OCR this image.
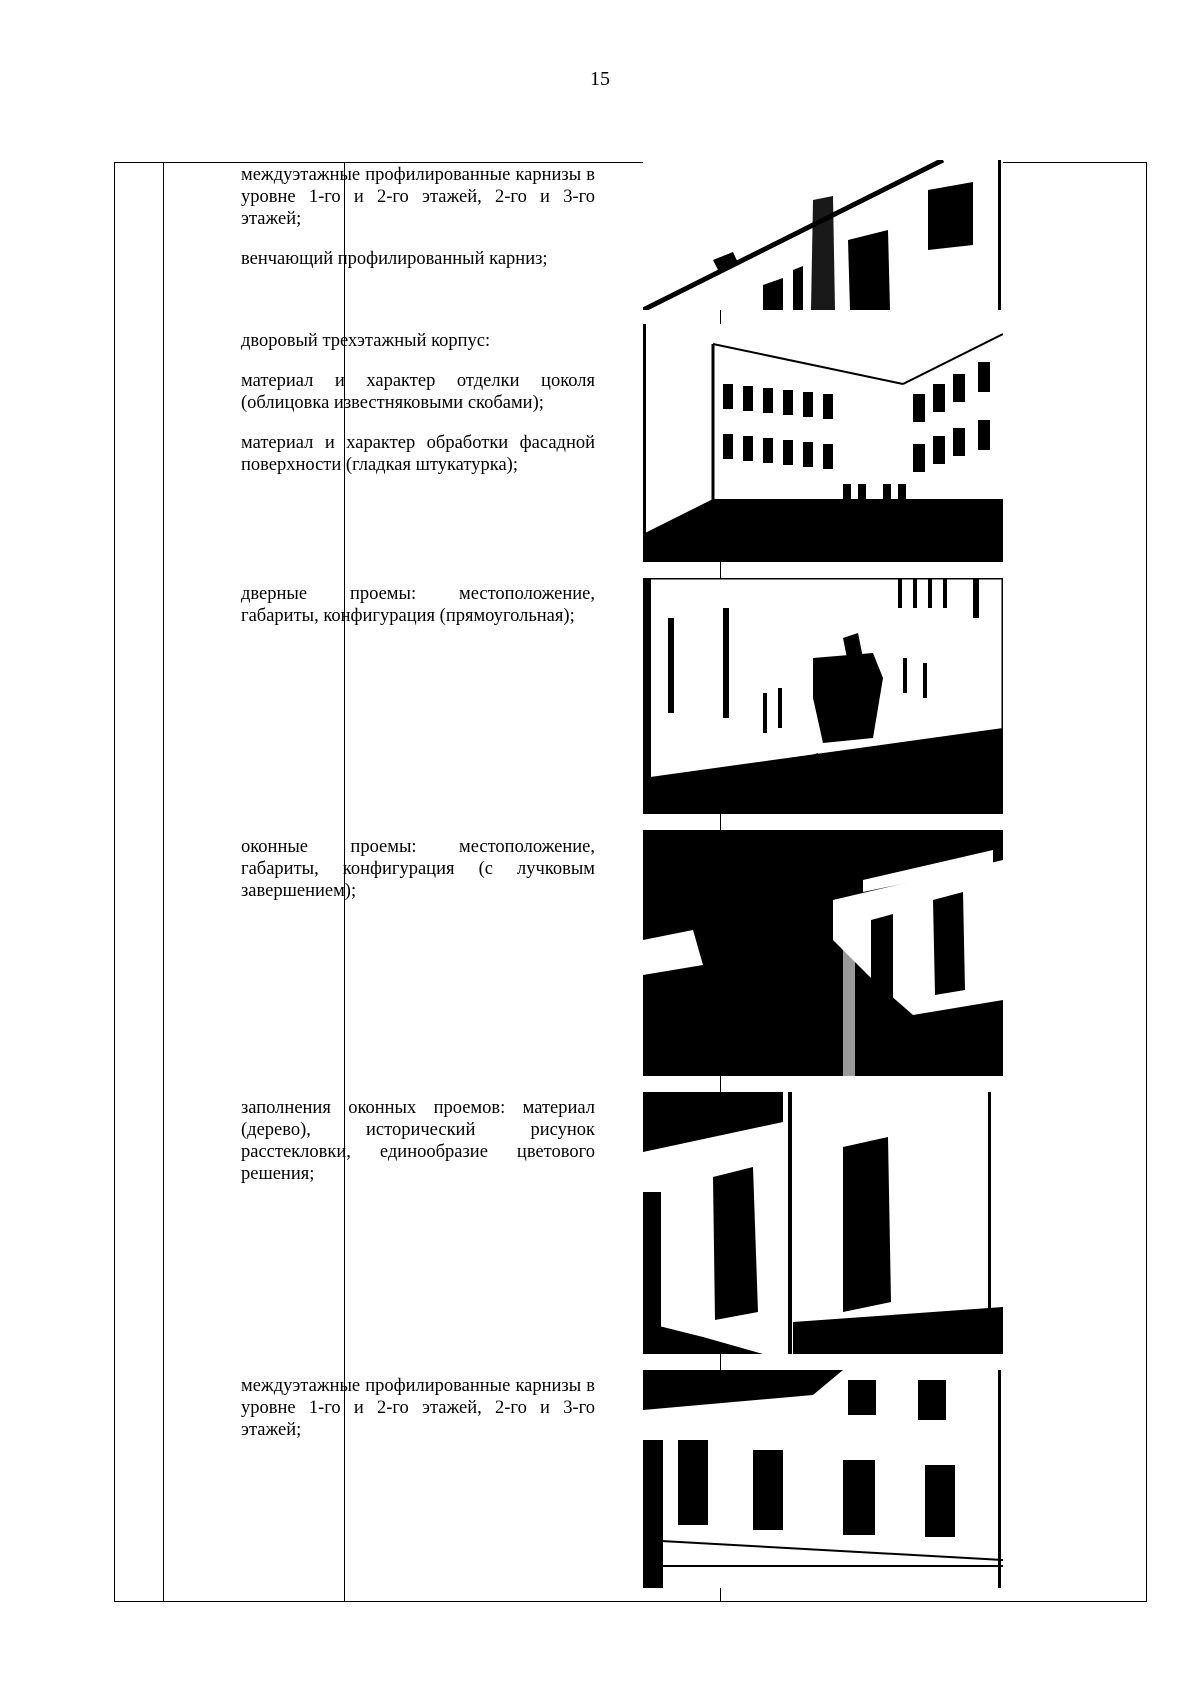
15

междуэтажные профилированные карнизы в уровне 1-го и 2-го этажей, 2-го и 3-го этажей;

венчающий профилированный карниз;

дворовый трехэтажный корпус:

материал и характер отделки цоколя (облицовка известняковыми скобами);

материал и характер обработки фасадной поверхности (гладкая штукатурка);

дверные проемы: местоположение, габариты, конфигурация (прямоугольная);

оконные проемы: местоположение, габариты, конфигурация (с лучковым завершением);

заполнения оконных проемов: материал (дерево), исторический рисунок расстекловки, единообразие цветового решения;

междуэтажные профилированные карнизы в уровне 1-го и 2-го этажей, 2-го и 3-го этажей;
